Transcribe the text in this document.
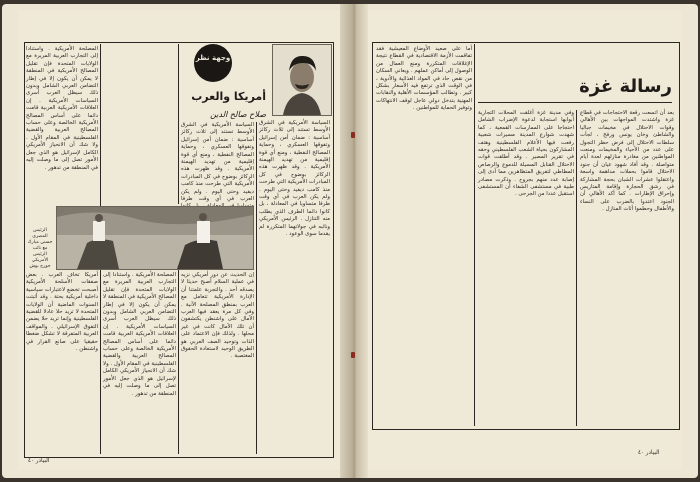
وجهة نظر
أمريكا والعرب
صلاح صالح الدين
المصلحة الأمريكية . واستنادا إلى التجارب العربية المريرة مع الولايات المتحدة فإن تقليل المصالح الأمريكية في المنطقة لا يمكن أن يكون إلا في إطار التضامن العربي الشامل وبدون ذلك سيظل العرب أسرى السياسات الأمريكية . إن العلاقات الأمريكية العربية قامت دائما على أساس المصالح الأمريكية الخالصة وعلى حساب المصالح العربية والقضية الفلسطينية في المقام الأول . ولا شك أن الانحياز الأمريكي الكامل لإسرائيل هو الذي جعل الأمور تصل إلى ما وصلت إليه في المنطقة من تدهور .
أمريكا تخاف العرب . بعض صفقات الأسلحة الأمريكية أصبحت تخضع لاعتبارات سياسية داخلية أمريكية بحتة . وقد أثبتت السنوات الماضية أن الولايات المتحدة لا تريد حلا عادلا للقضية الفلسطينية وإنما تريد حلا يضمن التفوق الإسرائيلي . والمواقف العربية المتفرقة لا تشكل ضغطا حقيقيا على صانع القرار في واشنطن .
السياسة الأمريكية في الشرق الأوسط تستند إلى ثلاث ركائز أساسية : ضمان أمن إسرائيل وتفوقها العسكري ، وحماية المصالح النفطية ، ومنع أي قوة إقليمية من تهديد الهيمنة الأمريكية . وقد ظهرت هذه الركائز بوضوح في كل المبادرات الأمريكية التي طرحت منذ كامب ديفيد وحتى اليوم . ولم يكن العرب في أي وقت طرفا
السياسة الأمريكية في الشرق الأوسط تستند إلى ثلاث ركائز أساسية : ضمان أمن إسرائيل وتفوقها العسكري ، وحماية المصالح النفطية ، ومنع أي قوة إقليمية من تهديد الهيمنة الأمريكية . وقد ظهرت هذه الركائز بوضوح في كل المبادرات الأمريكية التي طرحت منذ كامب ديفيد وحتى اليوم . ولم يكن العرب في أي وقت طرفا متساويا في المعادلة ، بل كانوا دائما الطرف الذي يطلب منه التنازل . الرئيس الأمريكي ونائبه في جولاتهما المتكررة لم يقدما سوى الوعود .
إن الحديث عن دور أمريكي نزيه في عملية السلام أصبح حديثا لا يصدقه أحد . والتجربة علمتنا أن الإدارة الأمريكية تتعامل مع العرب بمنطق المصلحة الآنية . وفي كل مرة يعقد فيها العرب الآمال على واشنطن يكتشفون أن تلك الآمال كانت في غير محلها . ولذلك فإن الاعتماد على الذات وتوحيد الصف العربي هو الطريق الوحيد لاستعادة الحقوق المغتصبة .
المصلحة الأمريكية . واستنادا إلى التجارب العربية المريرة مع الولايات المتحدة فإن تقليل المصالح الأمريكية في المنطقة لا يمكن أن يكون إلا في إطار التضامن العربي الشامل وبدون ذلك سيظل العرب أسرى السياسات الأمريكية . إن العلاقات الأمريكية العربية قامت دائما على أساس المصالح الأمريكية الخالصة وعلى حساب المصالح العربية والقضية الفلسطينية في المقام الأول . ولا شك أن الانحياز الأمريكي الكامل لإسرائيل هو الذي جعل الأمور تصل إلى ما وصلت إليه في المنطقة من تدهور .
الرئيس المصري حسني مبارك مع نائب الرئيس الأمريكي جورج بوش
البيادر ٤٠
رسالة غزة
أما على صعيد الأوضاع المعيشية فقد تفاقمت الأزمة الاقتصادية في القطاع نتيجة الإغلاقات المتكررة ومنع العمال من الوصول إلى أماكن عملهم . ويعاني السكان من نقص حاد في المواد الغذائية والأدوية ، في الوقت الذي ترتفع فيه الأسعار بشكل كبير . وتطالب المؤسسات الأهلية والنقابات المهنية بتدخل دولي عاجل لوقف الانتهاكات وتوفير الحماية للمواطنين .
وفي مدينة غزة أغلقت المحلات التجارية أبوابها استجابة لدعوة الإضراب الشامل احتجاجا على الممارسات القمعية ، كما شهدت شوارع المدينة مسيرات شعبية رفعت فيها الأعلام الفلسطينية وهتف المشاركون بحياة الشعب الفلسطيني وحقه في تقرير المصير . وقد أطلقت قوات الاحتلال القنابل المسيلة للدموع والرصاص المطاطي لتفريق المتظاهرين مما أدى إلى إصابة عدد منهم بجروح . وذكرت مصادر طبية في مستشفى الشفاء أن المستشفى استقبل عددا من الجرحى .
بعد أن اتسعت رقعة الاحتجاجات في قطاع غزة واشتدت المواجهات بين الأهالي وقوات الاحتلال في مخيمات جباليا والشاطئ وخان يونس ورفح ، لجأت سلطات الاحتلال إلى فرض حظر التجول على عدد من الأحياء والمخيمات ومنعت المواطنين من مغادرة منازلهم لعدة أيام متواصلة . وقد أفاد شهود عيان أن جنود الاحتلال قاموا بحملات مداهمة واسعة واعتقلوا عشرات الشبان بحجة المشاركة في رشق الحجارة وإقامة المتاريس وإحراق الإطارات . كما أكد الأهالي أن الجنود اعتدوا بالضرب على النساء والأطفال وحطموا أثاث المنازل .
البيادر ٤٠
